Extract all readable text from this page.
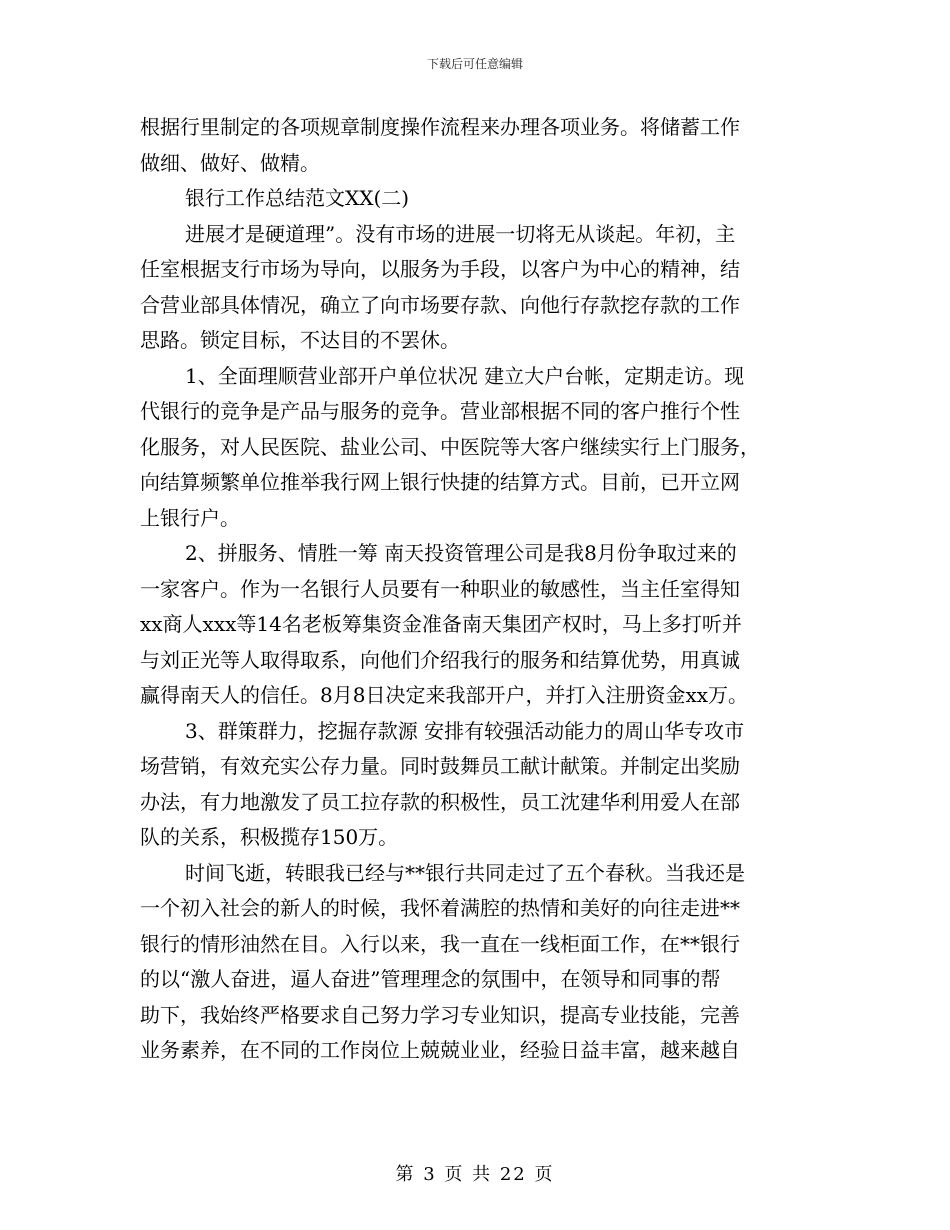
下载后可任意编辑
根据行里制定的各项规章制度操作流程来办理各项业务。将储蓄工作
做细、做好、做精。
银行工作总结范文XX(二)
进展才是硬道理”。没有市场的进展一切将无从谈起。年初，主
任室根据支行市场为导向，以服务为手段，以客户为中心的精神，结
合营业部具体情况，确立了向市场要存款、向他行存款挖存款的工作
思路。锁定目标，不达目的不罢休。
1、全面理顺营业部开户单位状况 建立大户台帐，定期走访。现
代银行的竞争是产品与服务的竞争。营业部根据不同的客户推行个性
化服务，对人民医院、盐业公司、中医院等大客户继续实行上门服务，
向结算频繁单位推举我行网上银行快捷的结算方式。目前，已开立网
上银行户。
2、拼服务、情胜一筹 南天投资管理公司是我8月份争取过来的
一家客户。作为一名银行人员要有一种职业的敏感性，当主任室得知
xx商人xxx等14名老板筹集资金准备南天集团产权时，马上多打听并
与刘正光等人取得取系，向他们介绍我行的服务和结算优势，用真诚
赢得南天人的信任。8月8日决定来我部开户，并打入注册资金xx万。
3、群策群力，挖掘存款源 安排有较强活动能力的周山华专攻市
场营销，有效充实公存力量。同时鼓舞员工献计献策。并制定出奖励
办法，有力地激发了员工拉存款的积极性，员工沈建华利用爱人在部
队的关系，积极揽存150万。
时间飞逝，转眼我已经与**银行共同走过了五个春秋。当我还是
一个初入社会的新人的时候，我怀着满腔的热情和美好的向往走进**
银行的情形油然在目。入行以来，我一直在一线柜面工作，在**银行
的以“激人奋进，逼人奋进”管理理念的氛围中，在领导和同事的帮
助下，我始终严格要求自己努力学习专业知识，提高专业技能，完善
业务素养，在不同的工作岗位上兢兢业业，经验日益丰富，越来越自
第 3 页 共 22 页
